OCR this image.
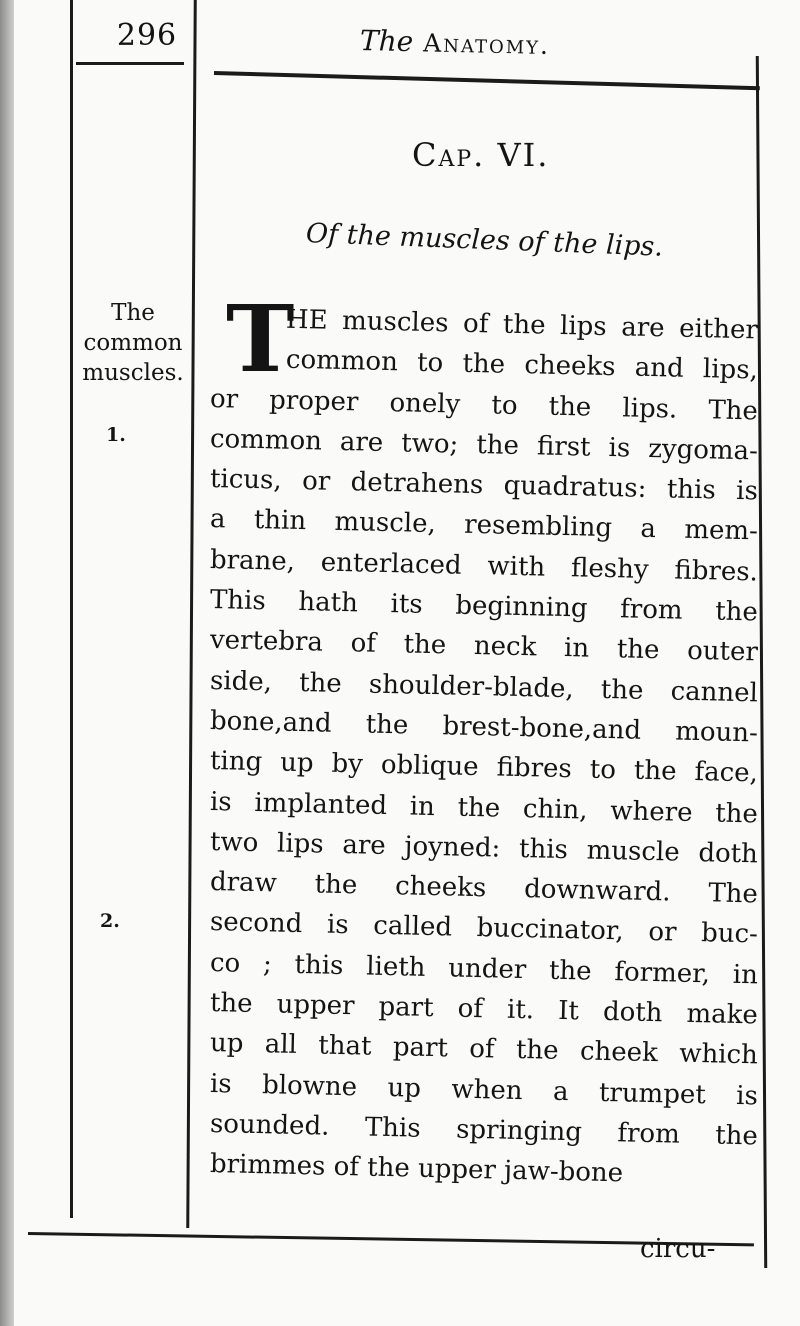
296	The Anatomy.
Cap. VI.
Of the muscles of the lips.
The common muscles.
1.
2.
T
HE muscles of the lips are either
common to the cheeks and lips,
or proper onely to the lips. The
common are two; the first is zygoma-
ticus, or detrahens quadratus: this is
a thin muscle, resembling a mem-
brane, enterlaced with fleshy fibres.
This hath its beginning from the
vertebra of the neck in the outer
side, the shoulder-blade, the cannel
bone,and the brest-bone,and moun-
ting up by oblique fibres to the face,
is implanted in the chin, where the
two lips are joyned: this muscle doth
draw the cheeks downward. The
second is called buccinator, or buc-
co ; this lieth under the former, in
the upper part of it. It doth make
up all that part of the cheek which
is blowne up when a trumpet is
sounded. This springing from the
brimmes of the upper jaw-bone
circu-
